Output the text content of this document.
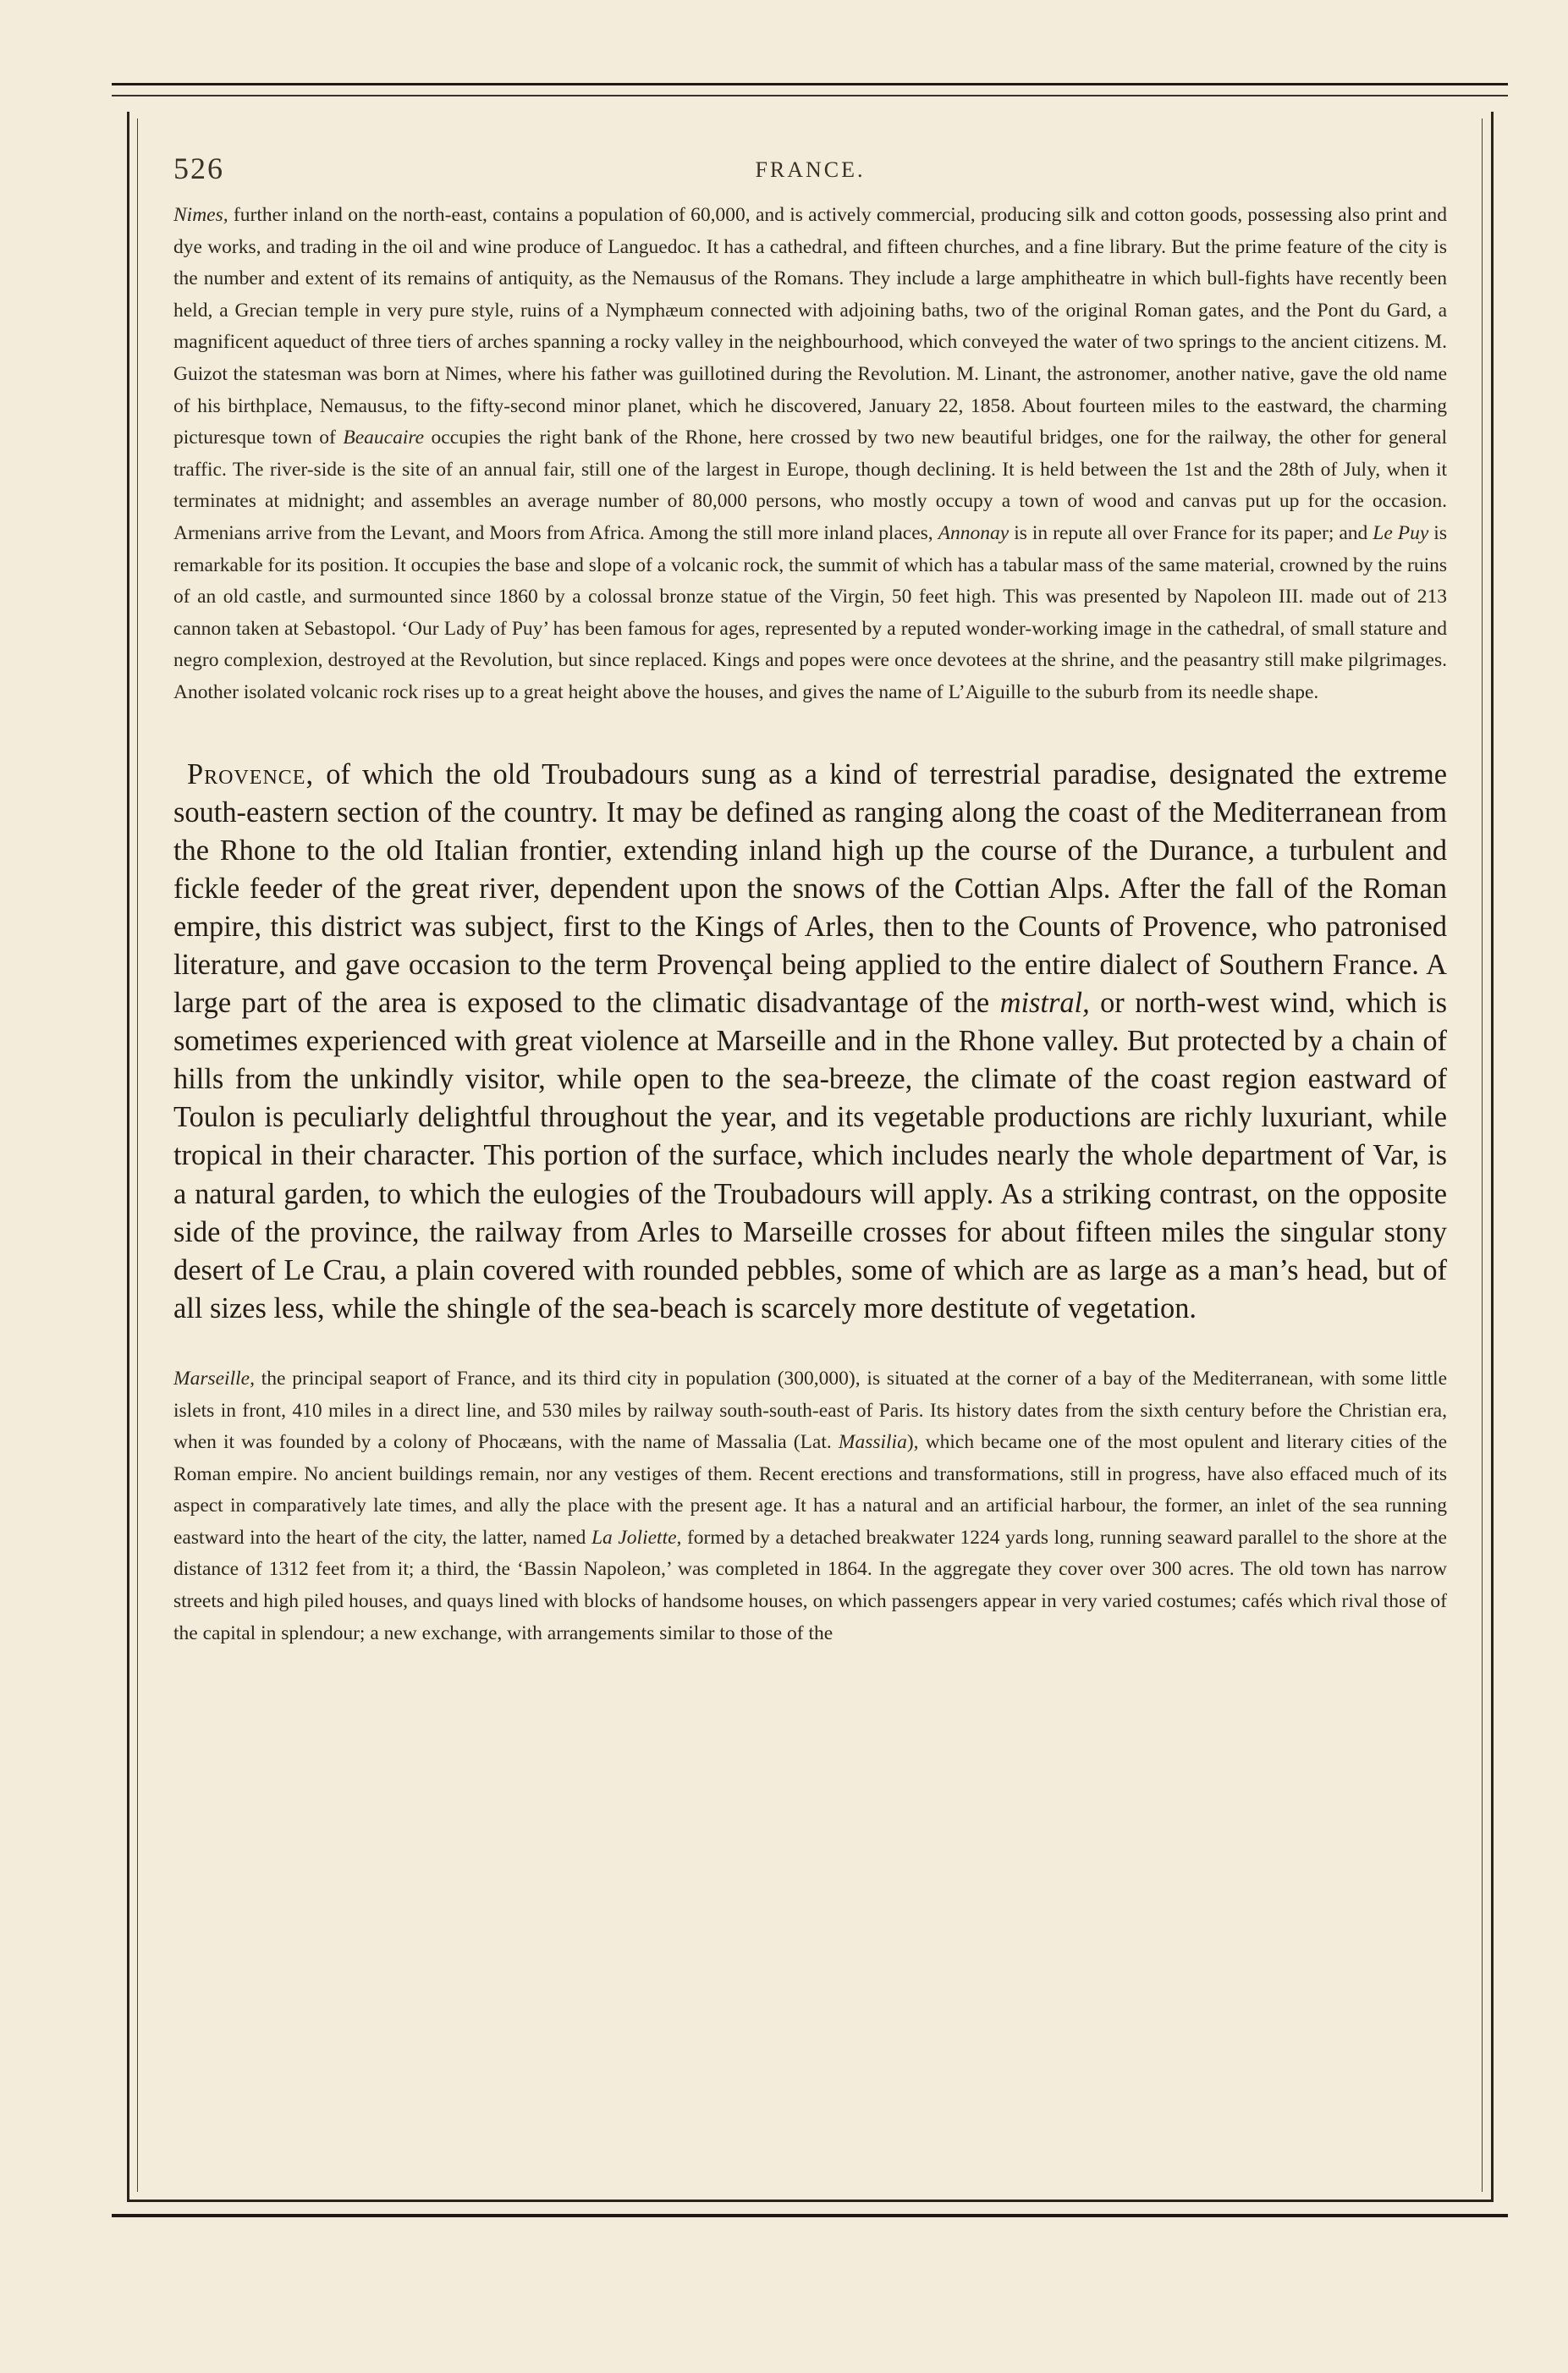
526	FRANCE.

Nimes, further inland on the north-east, contains a population of 60,000, and is actively commercial, producing silk and cotton goods, possessing also print and dye works, and trading in the oil and wine produce of Languedoc. It has a cathedral, and fifteen churches, and a fine library. But the prime feature of the city is the number and extent of its remains of antiquity, as the Nemausus of the Romans. They include a large amphitheatre in which bull-fights have recently been held, a Grecian temple in very pure style, ruins of a Nymphæum connected with adjoining baths, two of the original Roman gates, and the Pont du Gard, a magnificent aqueduct of three tiers of arches spanning a rocky valley in the neighbourhood, which conveyed the water of two springs to the ancient citizens. M. Guizot the statesman was born at Nimes, where his father was guillotined during the Revolution. M. Linant, the astronomer, another native, gave the old name of his birthplace, Nemausus, to the fifty-second minor planet, which he discovered, January 22, 1858. About fourteen miles to the eastward, the charming picturesque town of Beaucaire occupies the right bank of the Rhone, here crossed by two new beautiful bridges, one for the railway, the other for general traffic. The river-side is the site of an annual fair, still one of the largest in Europe, though declining. It is held between the 1st and the 28th of July, when it terminates at midnight; and assembles an average number of 80,000 persons, who mostly occupy a town of wood and canvas put up for the occasion. Armenians arrive from the Levant, and Moors from Africa. Among the still more inland places, Annonay is in repute all over France for its paper; and Le Puy is remarkable for its position. It occupies the base and slope of a volcanic rock, the summit of which has a tabular mass of the same material, crowned by the ruins of an old castle, and surmounted since 1860 by a colossal bronze statue of the Virgin, 50 feet high. This was presented by Napoleon III. made out of 213 cannon taken at Sebastopol. ‘Our Lady of Puy’ has been famous for ages, represented by a reputed wonder-working image in the cathedral, of small stature and negro complexion, destroyed at the Revolution, but since replaced. Kings and popes were once devotees at the shrine, and the peasantry still make pilgrimages. Another isolated volcanic rock rises up to a great height above the houses, and gives the name of L’Aiguille to the suburb from its needle shape.

Provence, of which the old Troubadours sung as a kind of terrestrial paradise, designated the extreme south-eastern section of the country. It may be defined as ranging along the coast of the Mediterranean from the Rhone to the old Italian frontier, extending inland high up the course of the Durance, a turbulent and fickle feeder of the great river, dependent upon the snows of the Cottian Alps. After the fall of the Roman empire, this district was subject, first to the Kings of Arles, then to the Counts of Provence, who patronised literature, and gave occasion to the term Provençal being applied to the entire dialect of Southern France. A large part of the area is exposed to the climatic disadvantage of the mistral, or north-west wind, which is sometimes experienced with great violence at Marseille and in the Rhone valley. But protected by a chain of hills from the unkindly visitor, while open to the sea-breeze, the climate of the coast region eastward of Toulon is peculiarly delightful throughout the year, and its vegetable productions are richly luxuriant, while tropical in their character. This portion of the surface, which includes nearly the whole department of Var, is a natural garden, to which the eulogies of the Troubadours will apply. As a striking contrast, on the opposite side of the province, the railway from Arles to Marseille crosses for about fifteen miles the singular stony desert of Le Crau, a plain covered with rounded pebbles, some of which are as large as a man’s head, but of all sizes less, while the shingle of the sea-beach is scarcely more destitute of vegetation.

Marseille, the principal seaport of France, and its third city in population (300,000), is situated at the corner of a bay of the Mediterranean, with some little islets in front, 410 miles in a direct line, and 530 miles by railway south-south-east of Paris. Its history dates from the sixth century before the Christian era, when it was founded by a colony of Phocæans, with the name of Massalia (Lat. Massilia), which became one of the most opulent and literary cities of the Roman empire. No ancient buildings remain, nor any vestiges of them. Recent erections and transformations, still in progress, have also effaced much of its aspect in comparatively late times, and ally the place with the present age. It has a natural and an artificial harbour, the former, an inlet of the sea running eastward into the heart of the city, the latter, named La Joliette, formed by a detached breakwater 1224 yards long, running seaward parallel to the shore at the distance of 1312 feet from it; a third, the ‘Bassin Napoleon,’ was completed in 1864. In the aggregate they cover over 300 acres. The old town has narrow streets and high piled houses, and quays lined with blocks of handsome houses, on which passengers appear in very varied costumes; cafés which rival those of the capital in splendour; a new exchange, with arrangements similar to those of the
